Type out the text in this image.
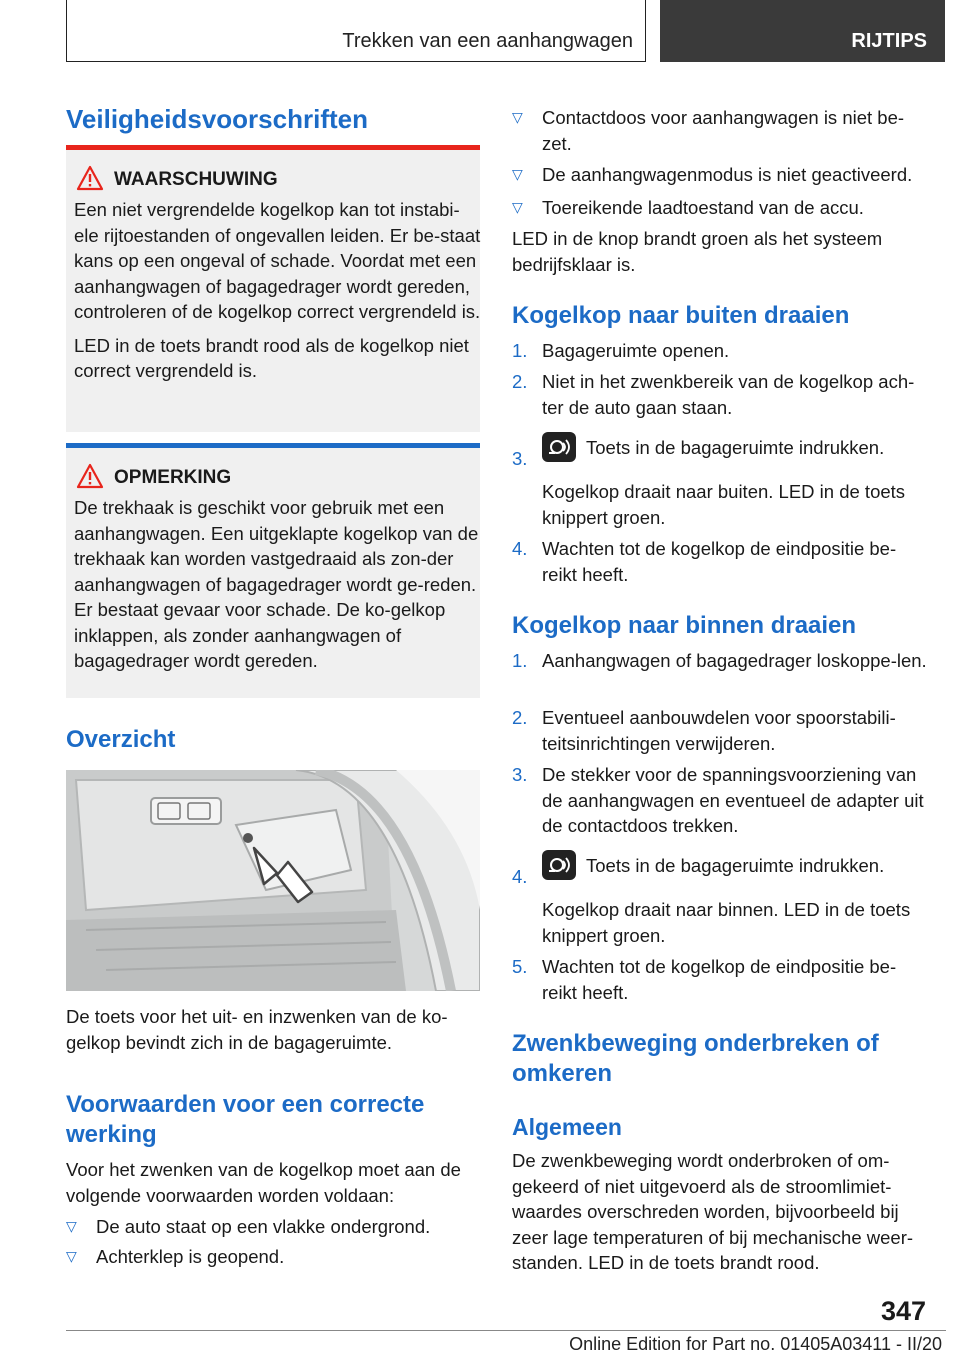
Trekken van een aanhangwagen	RIJTIPS
Veiligheidsvoorschriften
WAARSCHUWING

Een niet vergrendelde kogelkop kan tot instabi-ele rijtoestanden of ongevallen leiden. Er be-staat kans op een ongeval of schade. Voordat met een aanhangwagen of bagagedrager wordt gereden, controleren of de kogelkop correct vergrendeld is.

LED in de toets brandt rood als de kogelkop niet correct vergrendeld is.

OPMERKING

De trekhaak is geschikt voor gebruik met een aanhangwagen. Een uitgeklapte kogelkop van de trekhaak kan worden vastgedraaid als zon-der aanhangwagen of bagagedrager wordt ge-reden. Er bestaat gevaar voor schade. De ko-gelkop inklappen, als zonder aanhangwagen of bagagedrager wordt gereden.

Overzicht
De toets voor het uit- en inzwenken van de ko-gelkop bevindt zich in de bagageruimte.
Voorwaarden voor een correcte werking
Voor het zwenken van de kogelkop moet aan de volgende voorwaarden worden voldaan:
▽ De auto staat op een vlakke ondergrond.
▽ Achterklep is geopend.
▽ Contactdoos voor aanhangwagen is niet be-zet.
▽ De aanhangwagenmodus is niet geactiveerd.
▽ Toereikende laadtoestand van de accu.
LED in de knop brandt groen als het systeem bedrijfsklaar is.
Kogelkop naar buiten draaien
1. Bagageruimte openen.
2. Niet in het zwenkbereik van de kogelkop ach-ter de auto gaan staan.
3.
Toets in de bagageruimte indrukken.
Kogelkop draait naar buiten. LED in de toets knippert groen.
4. Wachten tot de kogelkop de eindpositie be-reikt heeft.
Kogelkop naar binnen draaien
1. Aanhangwagen of bagagedrager loskoppe-len.
2. Eventueel aanbouwdelen voor spoorstabili-teitsinrichtingen verwijderen.
3. De stekker voor de spanningsvoorziening van de aanhangwagen en eventueel de adapter uit de contactdoos trekken.
4.
Toets in de bagageruimte indrukken.
Kogelkop draait naar binnen. LED in de toets knippert groen.
5. Wachten tot de kogelkop de eindpositie be-reikt heeft.
Zwenkbeweging onderbreken of omkeren
Algemeen
De zwenkbeweging wordt onderbroken of om-gekeerd of niet uitgevoerd als de stroomlimiet-waardes overschreden worden, bijvoorbeeld bij zeer lage temperaturen of bij mechanische weer-standen. LED in de toets brandt rood.
347
Online Edition for Part no. 01405A03411 - II/20
